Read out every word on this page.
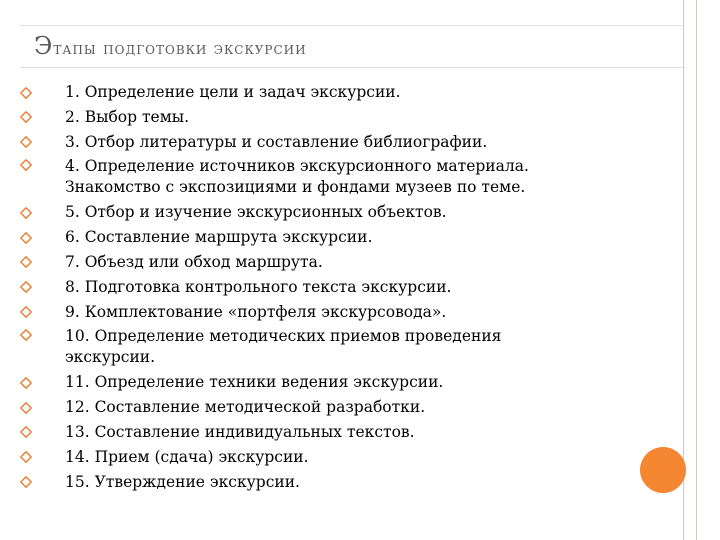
Этапы подготовки экскурсии
1. Определение цели и задач экскурсии.
2. Выбор темы.
3. Отбор литературы и составление библиографии.
4. Определение источников экскурсионного материала.
Знакомство с экспозициями и фондами музеев по теме.
5. Отбор и изучение экскурсионных объектов.
6. Составление маршрута экскурсии.
7. Объезд или обход маршрута.
8. Подготовка контрольного текста экскурсии.
9. Комплектование «портфеля экскурсовода».
10. Определение методических приемов проведения
экскурсии.
11. Определение техники ведения экскурсии.
12. Составление методической разработки.
13. Составление индивидуальных текстов.
14. Прием (сдача) экскурсии.
15. Утверждение экскурсии.
